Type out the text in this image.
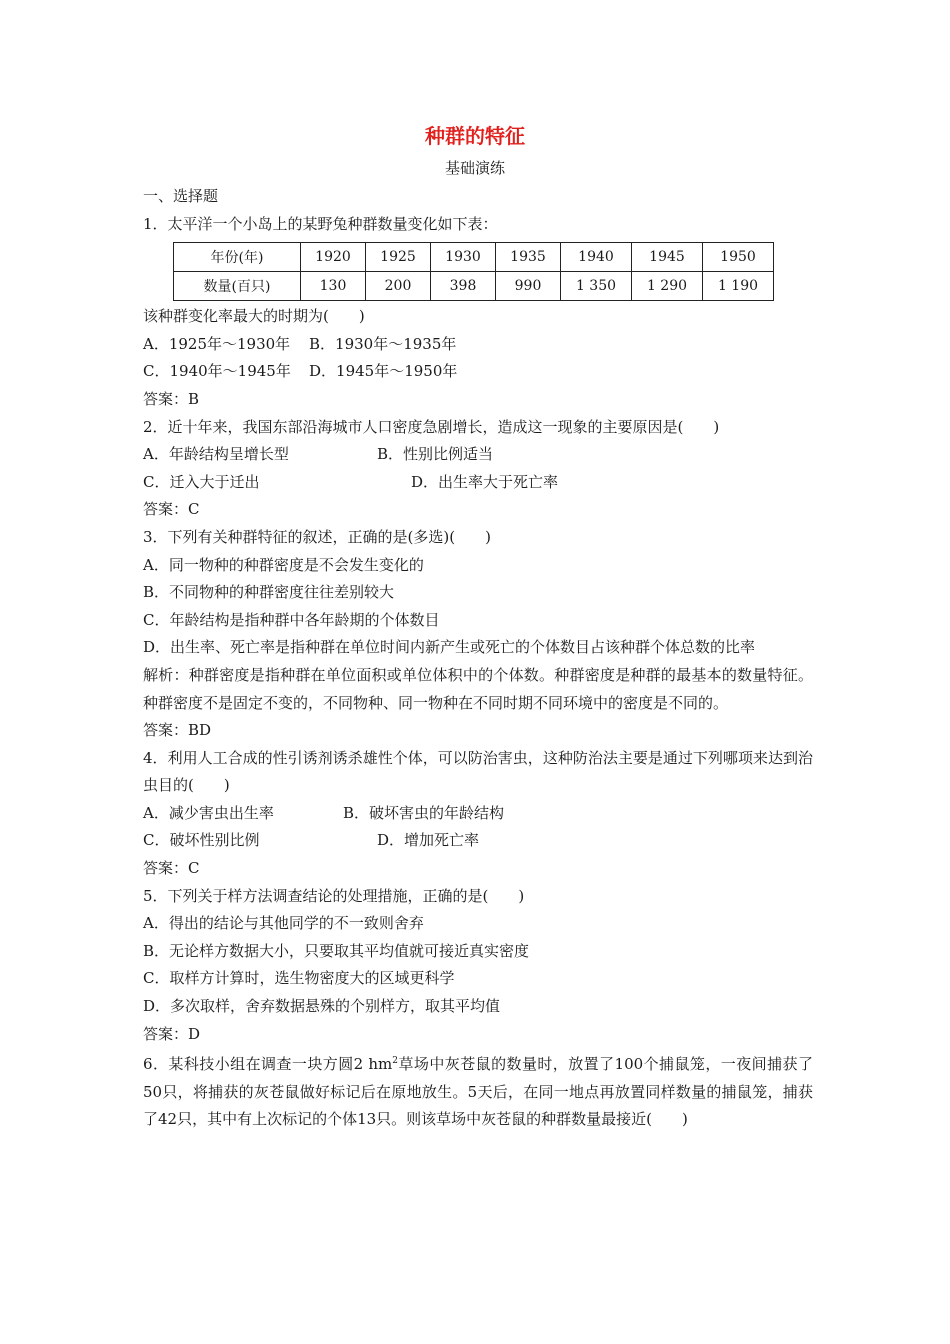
种群的特征
基础演练
一、选择题
1．太平洋一个小岛上的某野兔种群数量变化如下表：
年份(年)	1920	1925	1930	1935	1940	1945	1950
数量(百只)	130	200	398	990	1 350	1 290	1 190
该种群变化率最大的时期为(　　)
A．1925年～1930年 B．1930年～1935年
C．1940年～1945年 D．1945年～1950年
答案：B
2．近十年来，我国东部沿海城市人口密度急剧增长，造成这一现象的主要原因是(　　)
A．年龄结构呈增长型	B．性别比例适当
C．迁入大于迁出	D．出生率大于死亡率
答案：C
3．下列有关种群特征的叙述，正确的是(多选)(　　)
A．同一物种的种群密度是不会发生变化的
B．不同物种的种群密度往往差别较大
C．年龄结构是指种群中各年龄期的个体数目
D．出生率、死亡率是指种群在单位时间内新产生或死亡的个体数目占该种群个体总数的比率
解析：种群密度是指种群在单位面积或单位体积中的个体数。种群密度是种群的最基本的数量特征。种群密度不是固定不变的，不同物种、同一物种在不同时期不同环境中的密度是不同的。
答案：BD
4．利用人工合成的性引诱剂诱杀雄性个体，可以防治害虫，这种防治法主要是通过下列哪项来达到治虫目的(　　)
A．减少害虫出生率	B．破坏害虫的年龄结构
C．破坏性别比例	D．增加死亡率
答案：C
5．下列关于样方法调查结论的处理措施，正确的是(　　)
A．得出的结论与其他同学的不一致则舍弃
B．无论样方数据大小，只要取其平均值就可接近真实密度
C．取样方计算时，选生物密度大的区域更科学
D．多次取样，舍弃数据悬殊的个别样方，取其平均值
答案：D
6．某科技小组在调查一块方圆2 $hm^2$草场中灰苍鼠的数量时，放置了100个捕鼠笼，一夜间捕获了50只，将捕获的灰苍鼠做好标记后在原地放生。5天后，在同一地点再放置同样数量的捕鼠笼，捕获了42只，其中有上次标记的个体13只。则该草场中灰苍鼠的种群数量最接近(　　)
